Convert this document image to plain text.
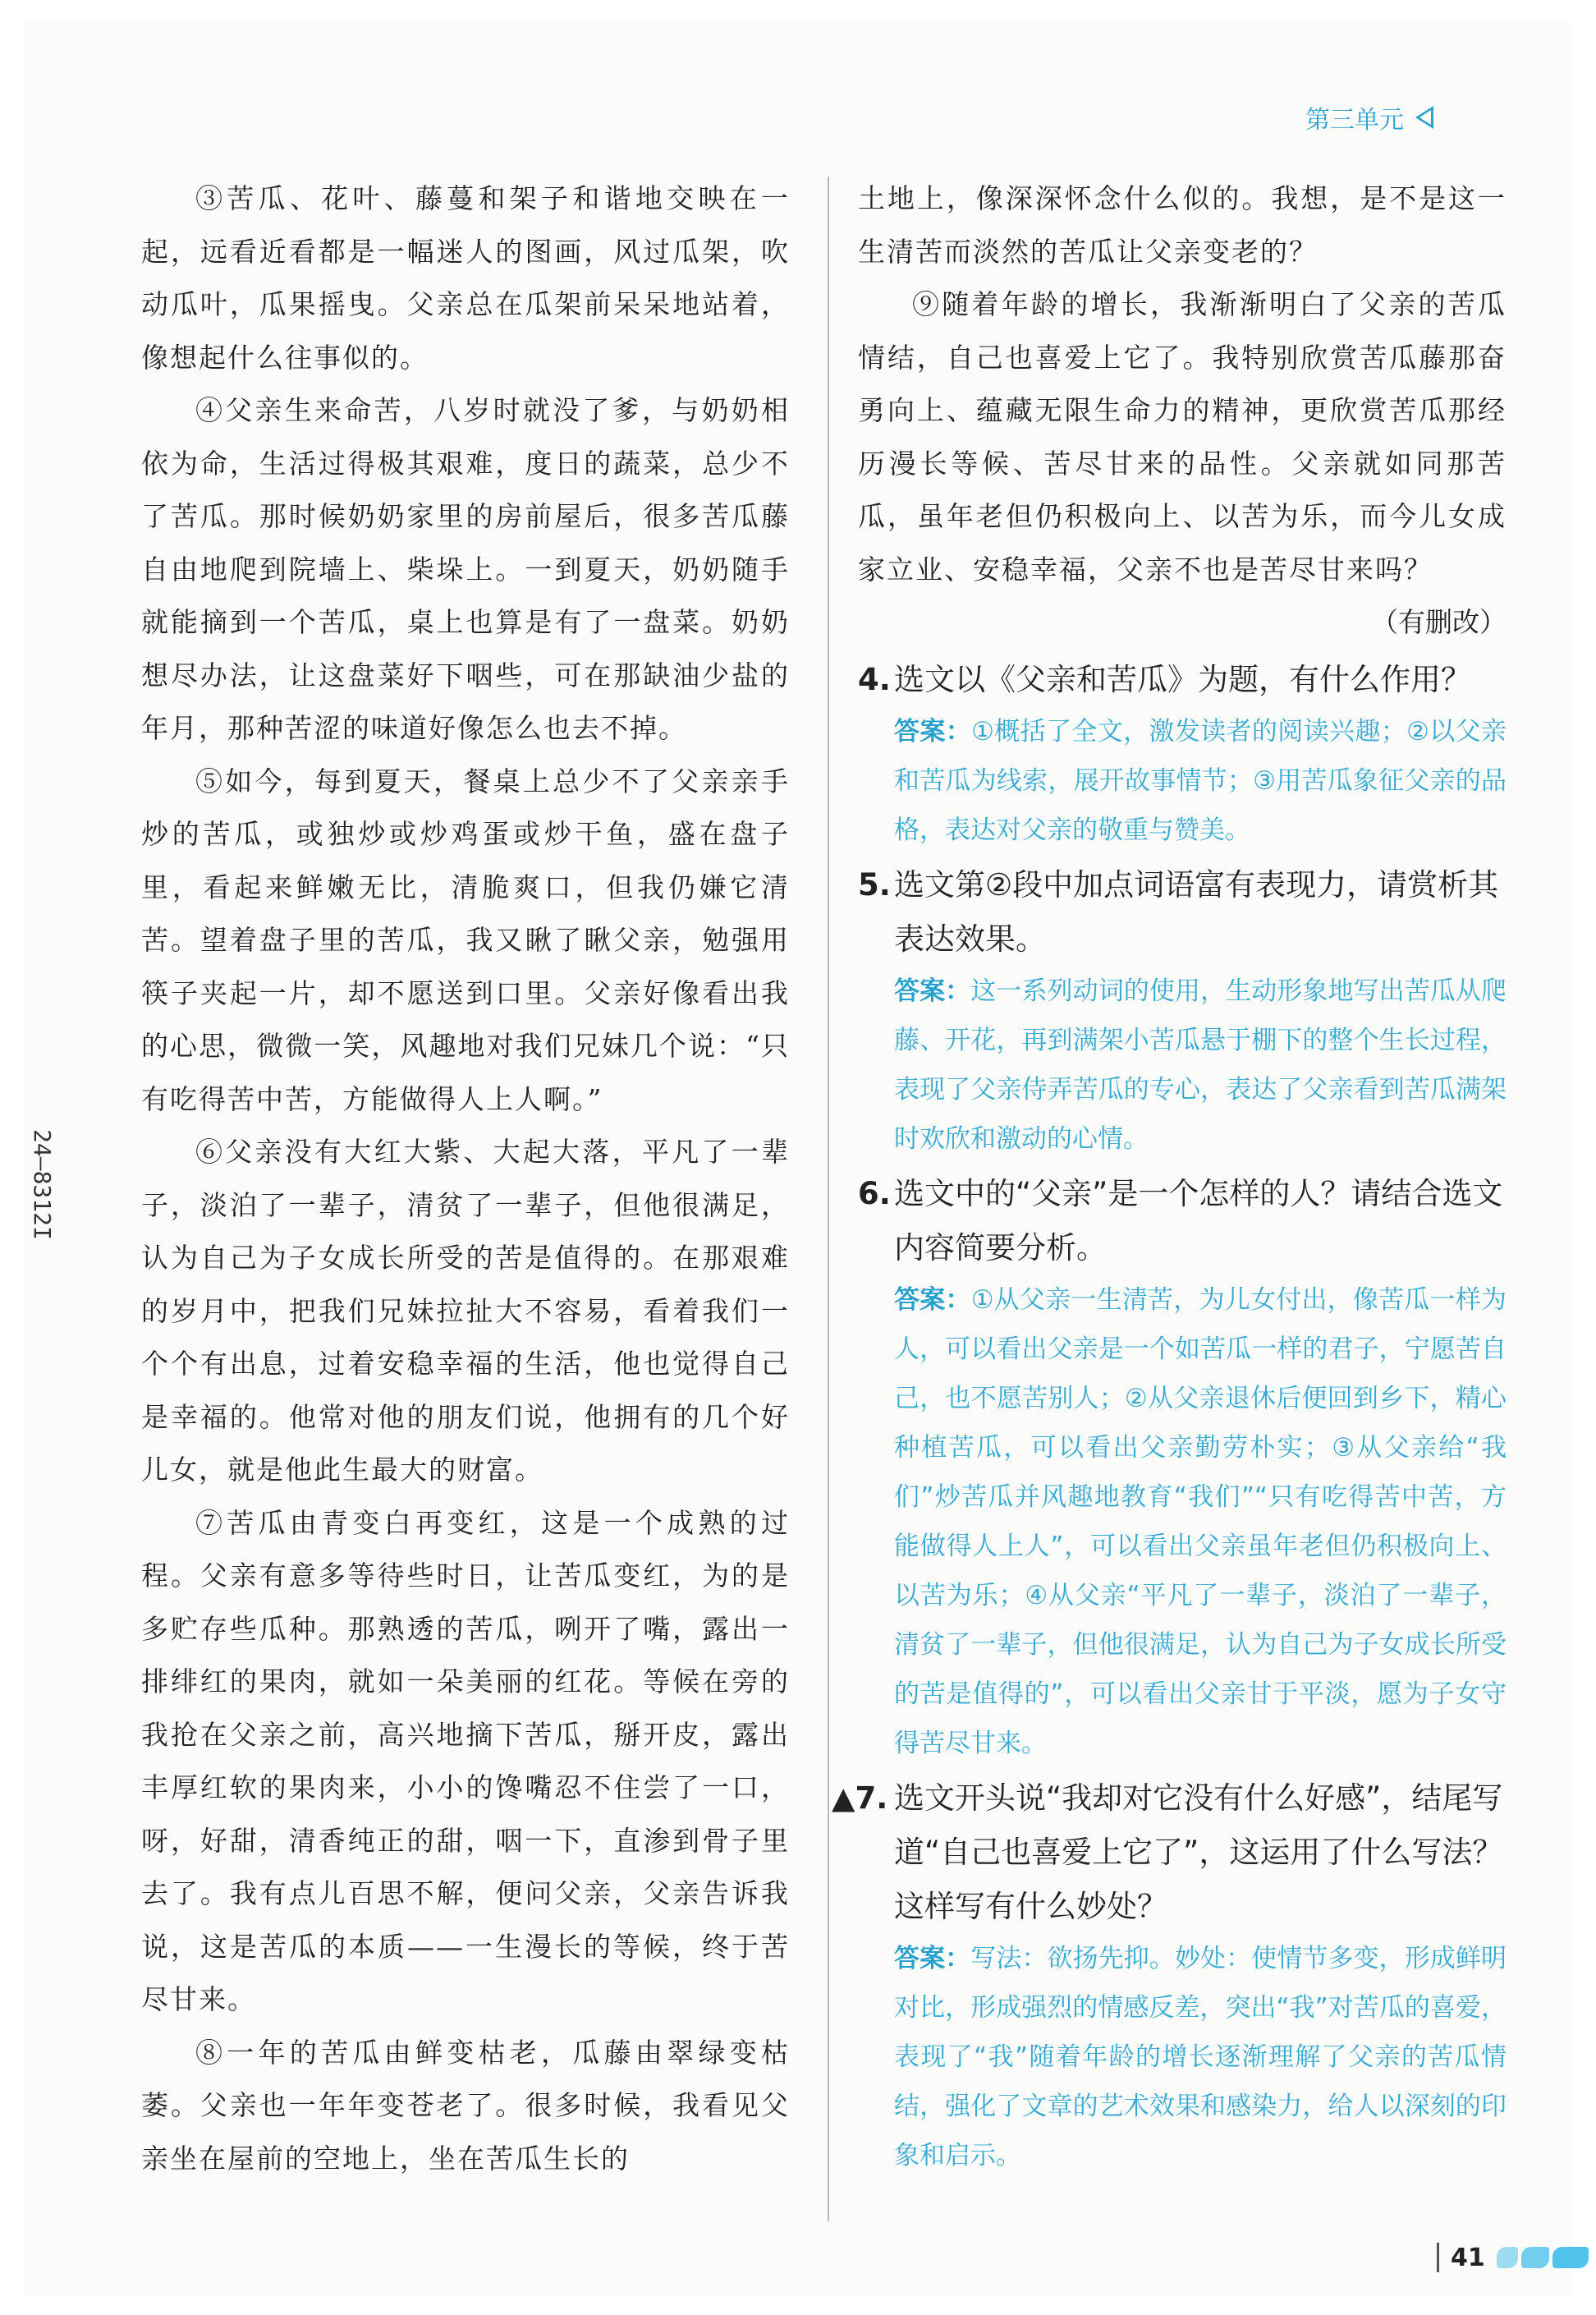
第三单元
24—8312I

③苦瓜、花叶、藤蔓和架子和谐地交映在一起，远看近看都是一幅迷人的图画，风过瓜架，吹动瓜叶，瓜果摇曳。父亲总在瓜架前呆呆地站着，像想起什么往事似的。

④父亲生来命苦，八岁时就没了爹，与奶奶相依为命，生活过得极其艰难，度日的蔬菜，总少不了苦瓜。那时候奶奶家里的房前屋后，很多苦瓜藤自由地爬到院墙上、柴垛上。一到夏天，奶奶随手就能摘到一个苦瓜，桌上也算是有了一盘菜。奶奶想尽办法，让这盘菜好下咽些，可在那缺油少盐的年月，那种苦涩的味道好像怎么也去不掉。

⑤如今，每到夏天，餐桌上总少不了父亲亲手炒的苦瓜，或独炒或炒鸡蛋或炒干鱼，盛在盘子里，看起来鲜嫩无比，清脆爽口，但我仍嫌它清苦。望着盘子里的苦瓜，我又瞅了瞅父亲，勉强用筷子夹起一片，却不愿送到口里。父亲好像看出我的心思，微微一笑，风趣地对我们兄妹几个说：“只有吃得苦中苦，方能做得人上人啊。”

⑥父亲没有大红大紫、大起大落，平凡了一辈子，淡泊了一辈子，清贫了一辈子，但他很满足，认为自己为子女成长所受的苦是值得的。在那艰难的岁月中，把我们兄妹拉扯大不容易，看着我们一个个有出息，过着安稳幸福的生活，他也觉得自己是幸福的。他常对他的朋友们说，他拥有的几个好儿女，就是他此生最大的财富。

⑦苦瓜由青变白再变红，这是一个成熟的过程。父亲有意多等待些时日，让苦瓜变红，为的是多贮存些瓜种。那熟透的苦瓜，咧开了嘴，露出一排绯红的果肉，就如一朵美丽的红花。等候在旁的我抢在父亲之前，高兴地摘下苦瓜，掰开皮，露出丰厚红软的果肉来，小小的馋嘴忍不住尝了一口，呀，好甜，清香纯正的甜，咽一下，直渗到骨子里去了。我有点儿百思不解，便问父亲，父亲告诉我说，这是苦瓜的本质——一生漫长的等候，终于苦尽甘来。

⑧一年的苦瓜由鲜变枯老，瓜藤由翠绿变枯萎。父亲也一年年变苍老了。很多时候，我看见父亲坐在屋前的空地上，坐在苦瓜生长的

土地上，像深深怀念什么似的。我想，是不是这一生清苦而淡然的苦瓜让父亲变老的？

⑨随着年龄的增长，我渐渐明白了父亲的苦瓜情结，自己也喜爱上它了。我特别欣赏苦瓜藤那奋勇向上、蕴藏无限生命力的精神，更欣赏苦瓜那经历漫长等候、苦尽甘来的品性。父亲就如同那苦瓜，虽年老但仍积极向上、以苦为乐，而今儿女成家立业、安稳幸福，父亲不也是苦尽甘来吗？

（有删改）

4. 选文以《父亲和苦瓜》为题，有什么作用？
答案：①概括了全文，激发读者的阅读兴趣；②以父亲和苦瓜为线索，展开故事情节；③用苦瓜象征父亲的品格，表达对父亲的敬重与赞美。
5. 选文第②段中加点词语富有表现力，请赏析其表达效果。
答案：这一系列动词的使用，生动形象地写出苦瓜从爬藤、开花，再到满架小苦瓜悬于棚下的整个生长过程，表现了父亲侍弄苦瓜的专心，表达了父亲看到苦瓜满架时欢欣和激动的心情。
6. 选文中的“父亲”是一个怎样的人？请结合选文内容简要分析。
答案：①从父亲一生清苦，为儿女付出，像苦瓜一样为人，可以看出父亲是一个如苦瓜一样的君子，宁愿苦自己，也不愿苦别人；②从父亲退休后便回到乡下，精心种植苦瓜，可以看出父亲勤劳朴实；③从父亲给“我们”炒苦瓜并风趣地教育“我们”“只有吃得苦中苦，方能做得人上人”，可以看出父亲虽年老但仍积极向上、以苦为乐；④从父亲“平凡了一辈子，淡泊了一辈子，清贫了一辈子，但他很满足，认为自己为子女成长所受的苦是值得的”，可以看出父亲甘于平淡，愿为子女守得苦尽甘来。
▲7. 选文开头说“我却对它没有什么好感”，结尾写道“自己也喜爱上它了”，这运用了什么写法？这样写有什么妙处？
答案：写法：欲扬先抑。妙处：使情节多变，形成鲜明对比，形成强烈的情感反差，突出“我”对苦瓜的喜爱，表现了“我”随着年龄的增长逐渐理解了父亲的苦瓜情结，强化了文章的艺术效果和感染力，给人以深刻的印象和启示。
41
